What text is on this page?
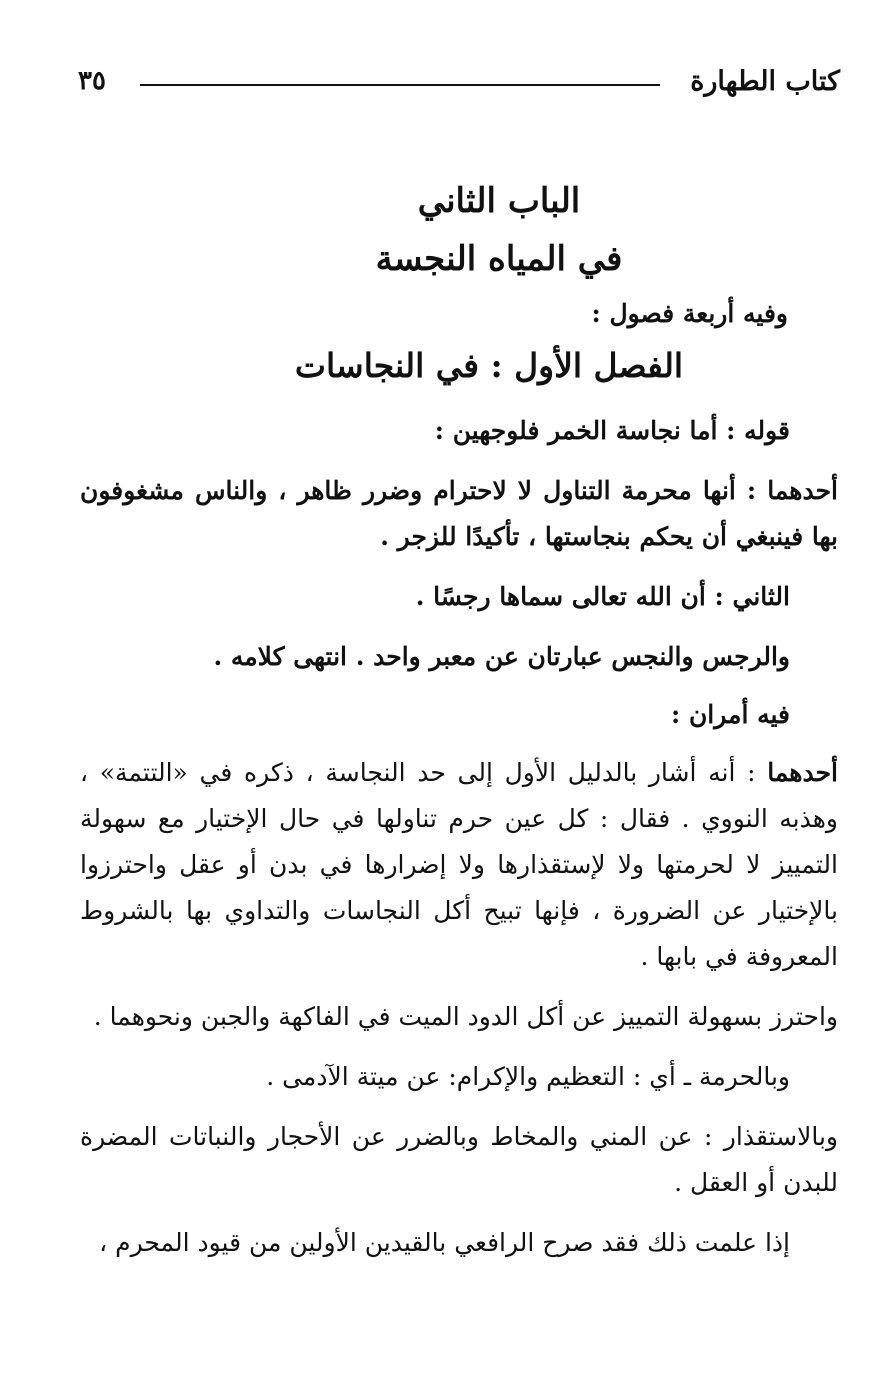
كتاب الطهارة
٣٥
الباب الثاني
في المياه النجسة

وفيه أربعة فصول :

الفصل الأول : في النجاسات

قوله : أما نجاسة الخمر فلوجهين :

أحدهما : أنها محرمة التناول لا لاحترام وضرر ظاهر ، والناس مشغوفون بها فينبغي أن يحكم بنجاستها ، تأكيدًا للزجر .

الثاني : أن الله تعالى سماها رجسًا .

والرجس والنجس عبارتان عن معبر واحد . انتهى كلامه .

فيه أمران :

أحدهما : أنه أشار بالدليل الأول إلى حد النجاسة ، ذكره في «التتمة» ، وهذبه النووي . فقال : كل عين حرم تناولها في حال الإختيار مع سهولة التمييز لا لحرمتها ولا لإستقذارها ولا إضرارها في بدن أو عقل واحترزوا بالإختيار عن الضرورة ، فإنها تبيح أكل النجاسات والتداوي بها بالشروط المعروفة في بابها .

واحترز بسهولة التمييز عن أكل الدود الميت في الفاكهة والجبن ونحوهما .

وبالحرمة ـ أي : التعظيم والإكرام: عن ميتة الآدمى .

وبالاستقذار : عن المني والمخاط وبالضرر عن الأحجار والنباتات المضرة للبدن أو العقل .

إذا علمت ذلك فقد صرح الرافعي بالقيدين الأولين من قيود المحرم ،
